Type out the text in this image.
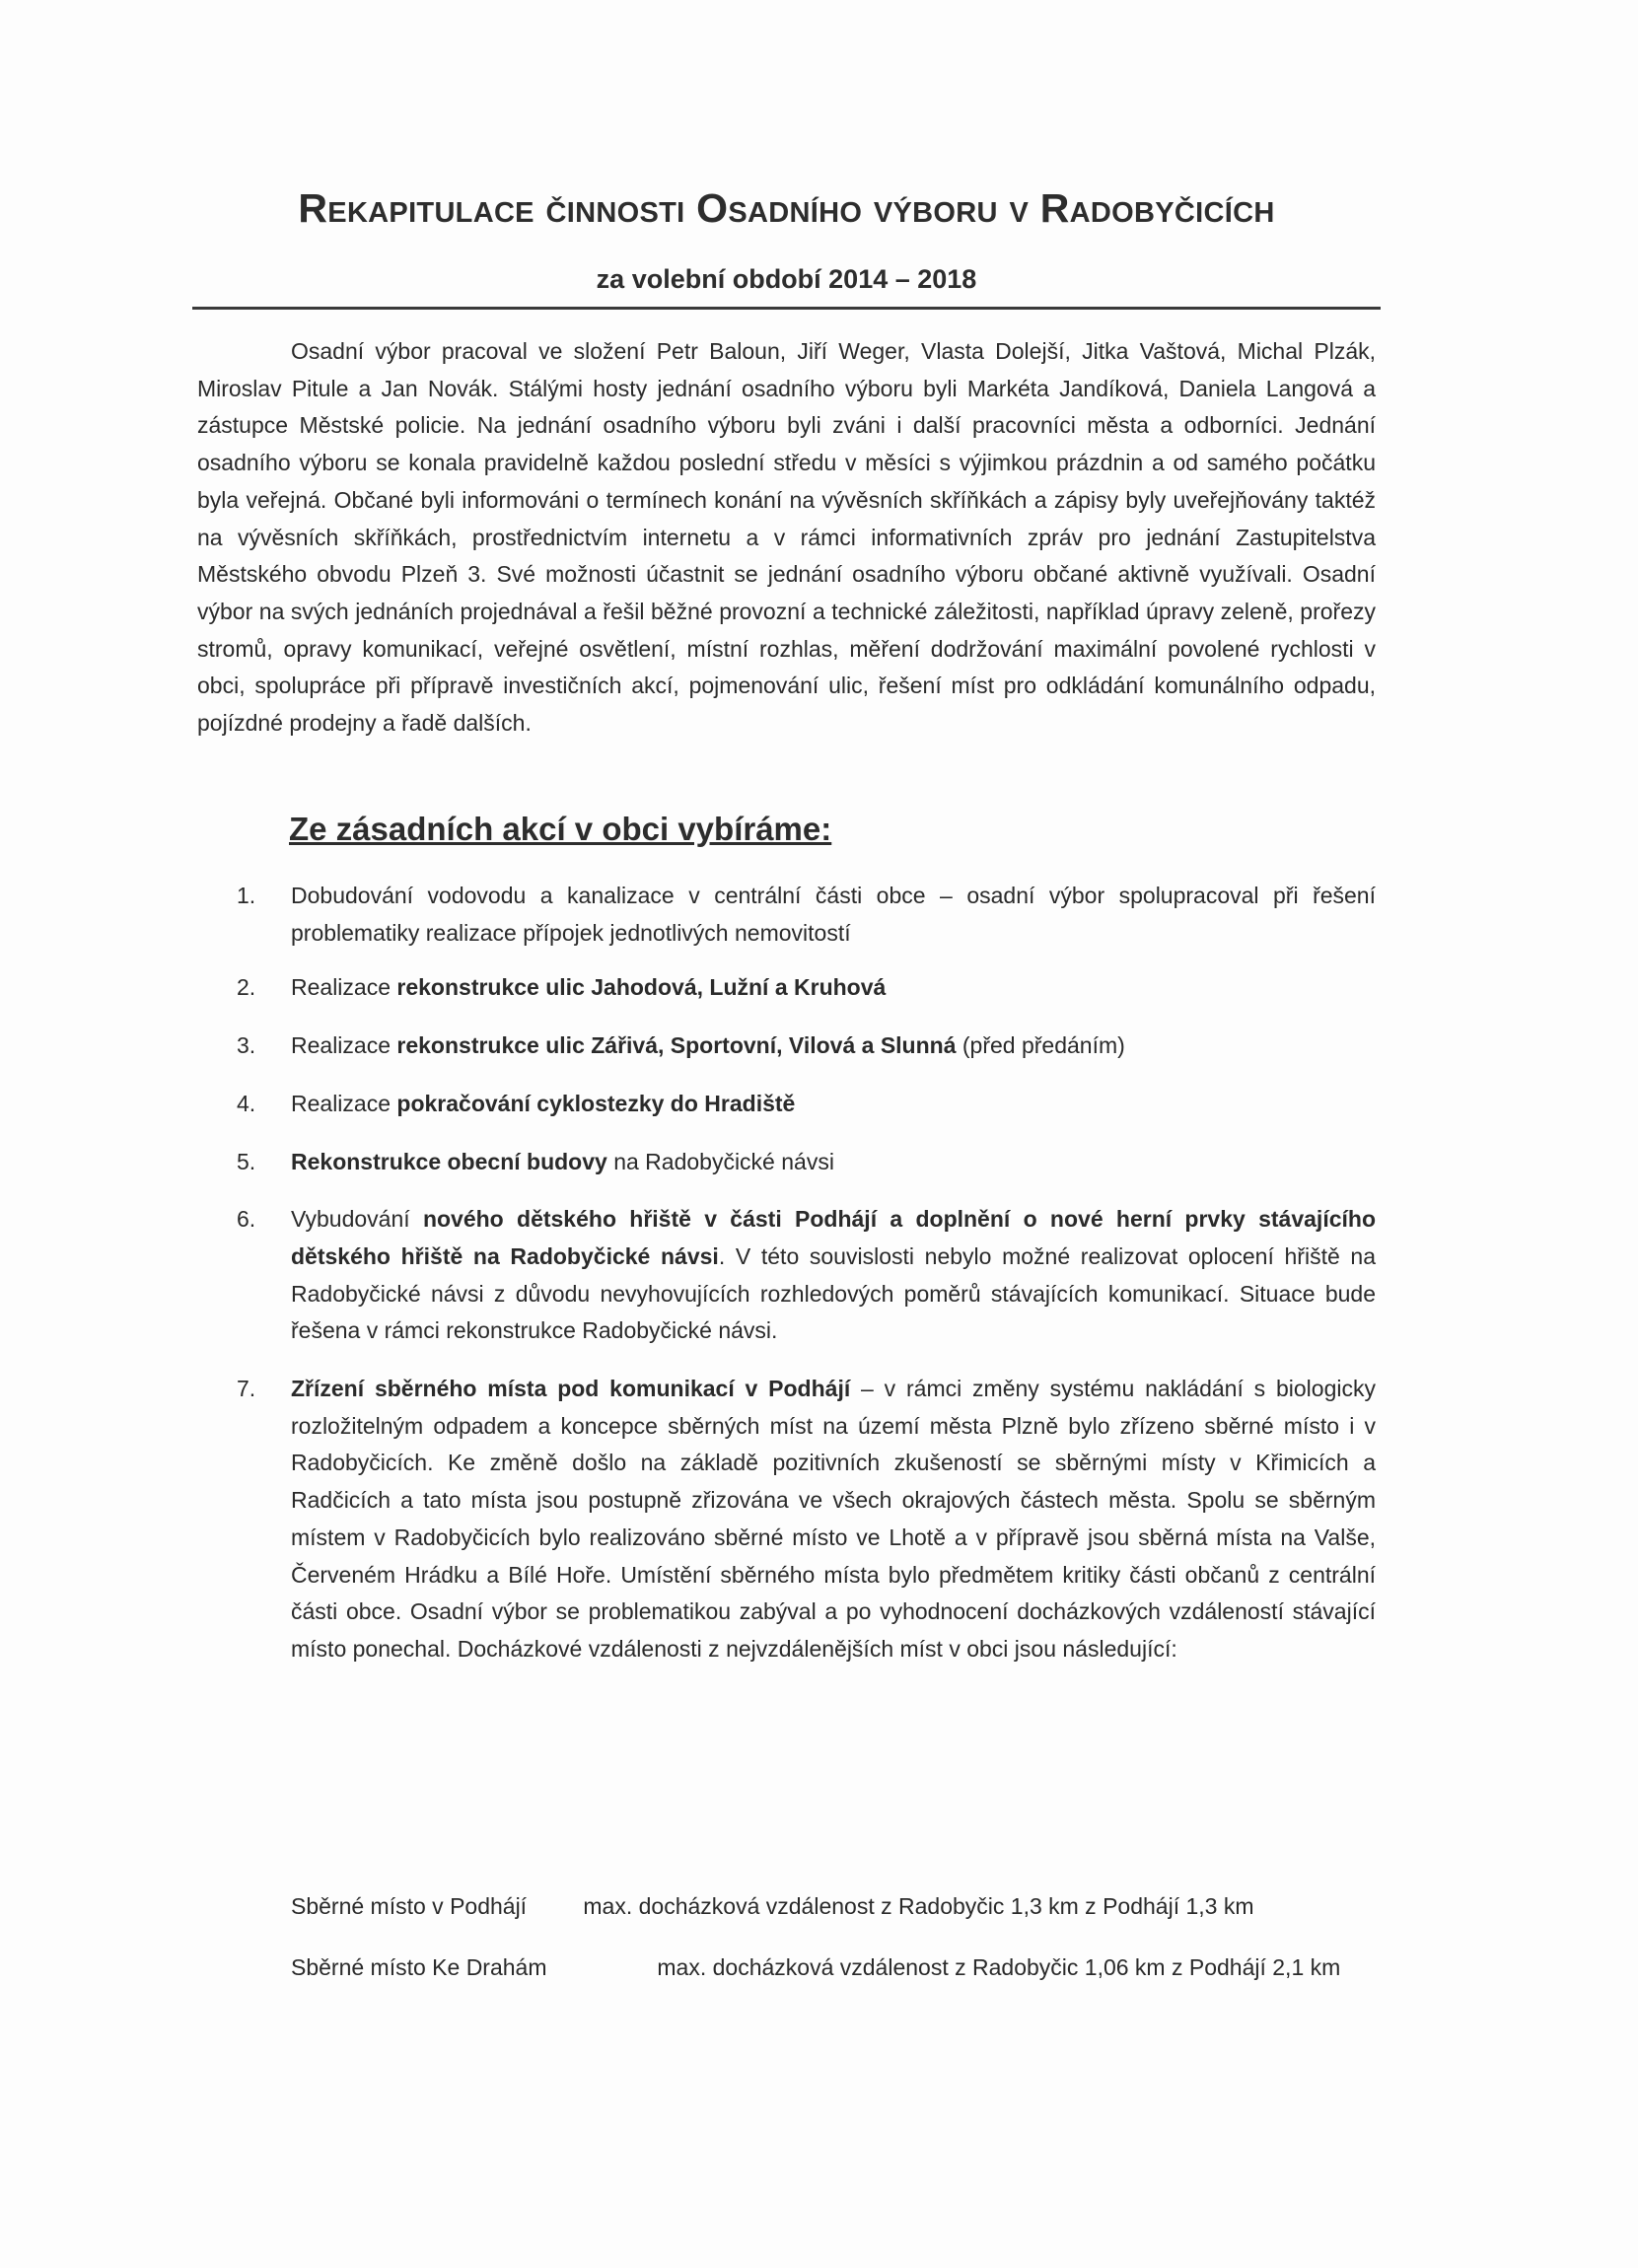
Rekapitulace činnosti Osadního výboru v Radobyčicích
za volební období 2014 – 2018

Osadní výbor pracoval ve složení Petr Baloun, Jiří Weger, Vlasta Dolejší, Jitka Vaštová, Michal Plzák, Miroslav Pitule a Jan Novák. Stálými hosty jednání osadního výboru byli Markéta Jandíková, Daniela Langová a zástupce Městské policie. Na jednání osadního výboru byli zváni i další pracovníci města a odborníci. Jednání osadního výboru se konala pravidelně každou poslední středu v měsíci s výjimkou prázdnin a od samého počátku byla veřejná. Občané byli informováni o termínech konání na vývěsních skříňkách a zápisy byly uveřejňovány taktéž na vývěsních skříňkách, prostřednictvím internetu a v rámci informativních zpráv pro jednání Zastupitelstva Městského obvodu Plzeň 3. Své možnosti účastnit se jednání osadního výboru občané aktivně využívali. Osadní výbor na svých jednáních projednával a řešil běžné provozní a technické záležitosti, například úpravy zeleně, prořezy stromů, opravy komunikací, veřejné osvětlení, místní rozhlas, měření dodržování maximální povolené rychlosti v obci, spolupráce při přípravě investičních akcí, pojmenování ulic, řešení míst pro odkládání komunálního odpadu, pojízdné prodejny a řadě dalších.

Ze zásadních akcí v obci vybíráme:
1. Dobudování vodovodu a kanalizace v centrální části obce – osadní výbor spolupracoval při řešení problematiky realizace přípojek jednotlivých nemovitostí
2. Realizace rekonstrukce ulic Jahodová, Lužní a Kruhová
3. Realizace rekonstrukce ulic Zářivá, Sportovní, Vilová a Slunná (před předáním)
4. Realizace pokračování cyklostezky do Hradiště
5. Rekonstrukce obecní budovy na Radobyčické návsi
6. Vybudování nového dětského hřiště v části Podhájí a doplnění o nové herní prvky stávajícího dětského hřiště na Radobyčické návsi. V této souvislosti nebylo možné realizovat oplocení hřiště na Radobyčické návsi z důvodu nevyhovujících rozhledových poměrů stávajících komunikací. Situace bude řešena v rámci rekonstrukce Radobyčické návsi.
7. Zřízení sběrného místa pod komunikací v Podhájí – v rámci změny systému nakládání s biologicky rozložitelným odpadem a koncepce sběrných míst na území města Plzně bylo zřízeno sběrné místo i v Radobyčicích. Ke změně došlo na základě pozitivních zkušeností se sběrnými místy v Křimicích a Radčicích a tato místa jsou postupně zřizována ve všech okrajových částech města. Spolu se sběrným místem v Radobyčicích bylo realizováno sběrné místo ve Lhotě a v přípravě jsou sběrná místa na Valše, Červeném Hrádku a Bílé Hoře. Umístění sběrného místa bylo předmětem kritiky části občanů z centrální části obce. Osadní výbor se problematikou zabýval a po vyhodnocení docházkových vzdáleností stávající místo ponechal. Docházkové vzdálenosti z nejvzdálenějších míst v obci jsou následující:
Sběrné místo v Podhájí max. docházková vzdálenost z Radobyčic 1,3 km z Podhájí 1,3 km
Sběrné místo Ke Drahám	max. docházková vzdálenost z Radobyčic 1,06 km z Podhájí 2,1 km
